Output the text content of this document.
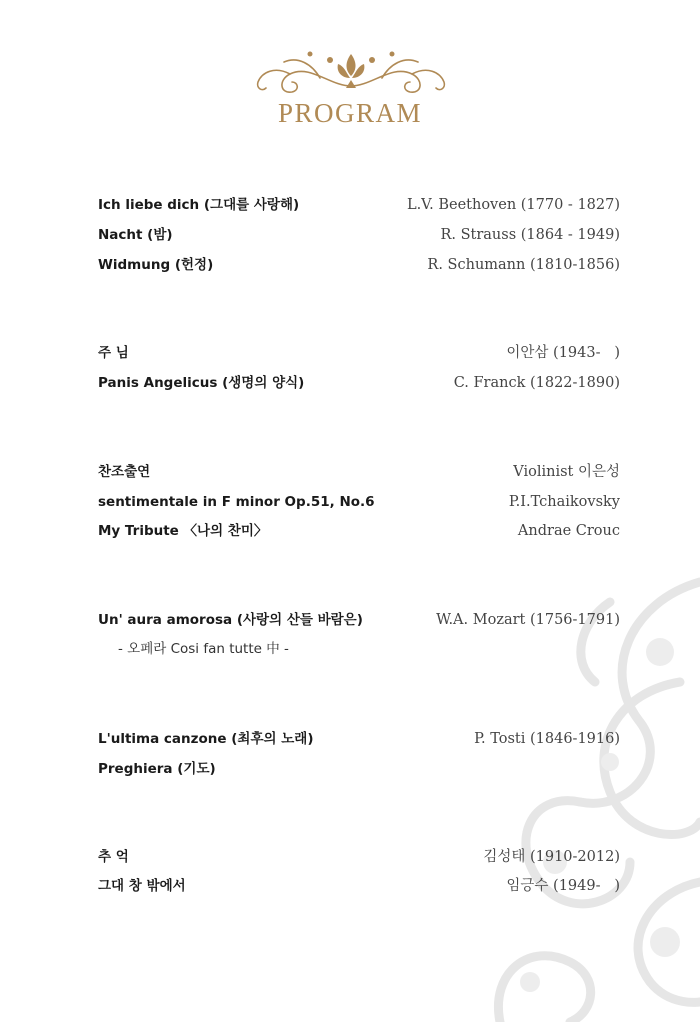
PROGRAM
Ich liebe dich (그대를 사랑해)	L.V. Beethoven (1770 - 1827)
Nacht (밤)	R. Strauss (1864 - 1949)
Widmung (헌정)	R. Schumann (1810-1856)
주 님	이안삼 (1943-   )
Panis Angelicus (생명의 양식)	C. Franck (1822-1890)
찬조출연	Violinist 이은성
sentimentale in F minor Op.51, No.6	P.I.Tchaikovsky
My Tribute 〈나의 찬미〉	Andrae Crouc
Un' aura amorosa (사랑의 산들 바람은)	W.A. Mozart (1756-1791)
- 오페라 Cosi fan tutte 中 -
L'ultima canzone (최후의 노래)	P. Tosti (1846-1916)
Preghiera (기도)
추 억	김성태 (1910-2012)
그대 창 밖에서	임긍수 (1949-   )
